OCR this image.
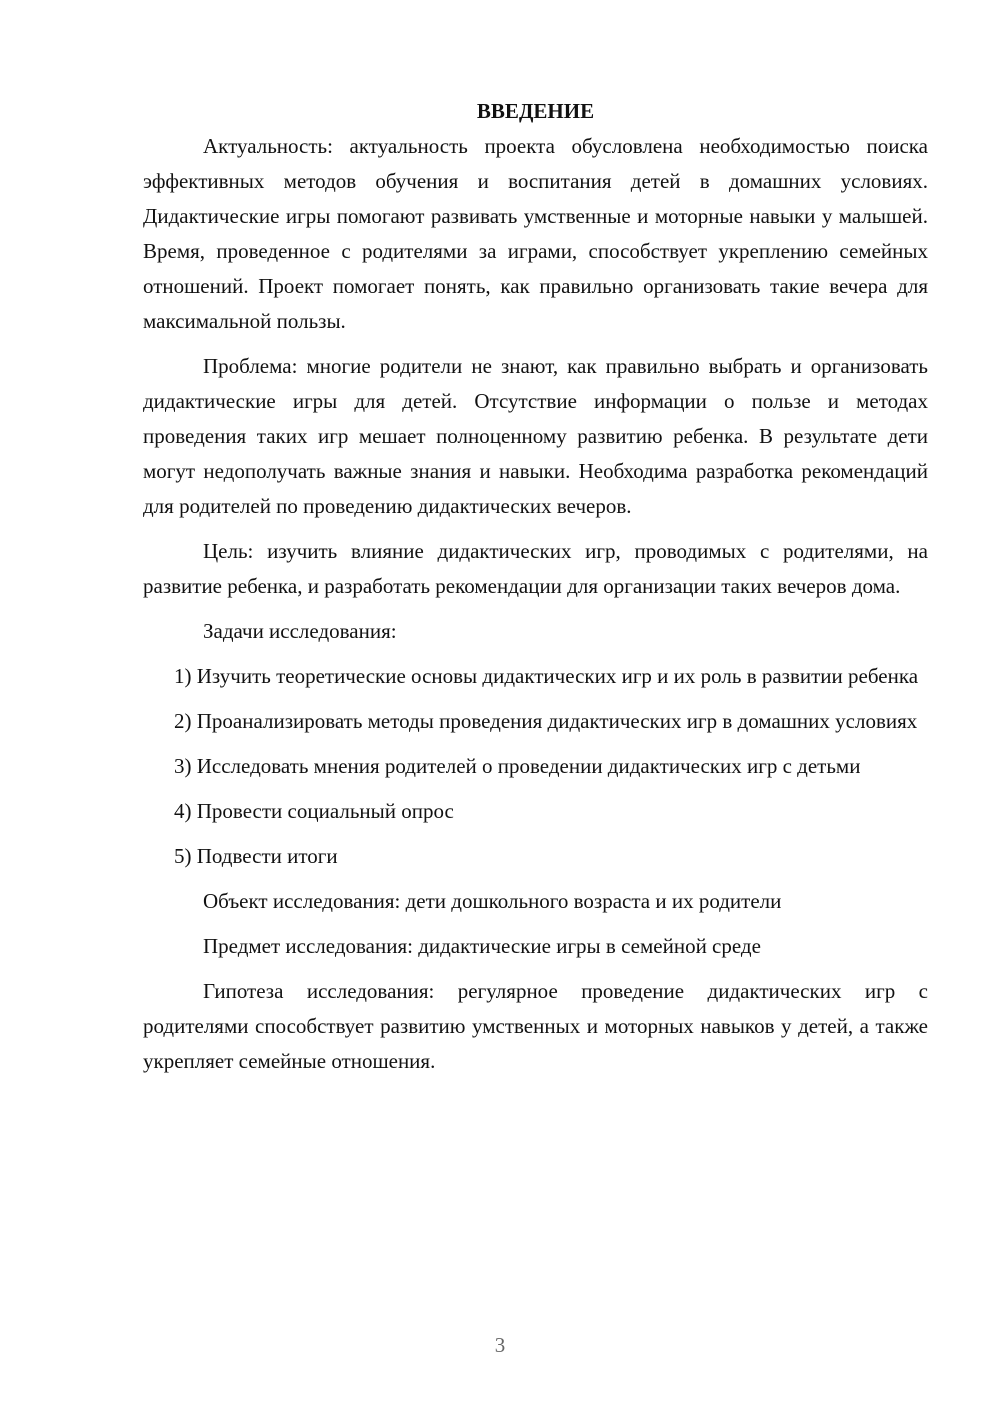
ВВЕДЕНИЕ

Актуальность: актуальность проекта обусловлена необходимостью поиска эффективных методов обучения и воспитания детей в домашних условиях. Дидактические игры помогают развивать умственные и моторные навыки у малышей. Время, проведенное с родителями за играми, способствует укреплению семейных отношений. Проект помогает понять, как правильно организовать такие вечера для максимальной пользы.

Проблема: многие родители не знают, как правильно выбрать и организовать дидактические игры для детей. Отсутствие информации о пользе и методах проведения таких игр мешает полноценному развитию ребенка. В результате дети могут недополучать важные знания и навыки. Необходима разработка рекомендаций для родителей по проведению дидактических вечеров.

Цель: изучить влияние дидактических игр, проводимых с родителями, на развитие ребенка, и разработать рекомендации для организации таких вечеров дома.

Задачи исследования:

1) Изучить теоретические основы дидактических игр и их роль в развитии ребенка

2) Проанализировать методы проведения дидактических игр в домашних условиях

3) Исследовать мнения родителей о проведении дидактических игр с детьми

4) Провести социальный опрос

5) Подвести итоги

Объект исследования: дети дошкольного возраста и их родители

Предмет исследования: дидактические игры в семейной среде

Гипотеза исследования: регулярное проведение дидактических игр с родителями способствует развитию умственных и моторных навыков у детей, а также укрепляет семейные отношения.

3
